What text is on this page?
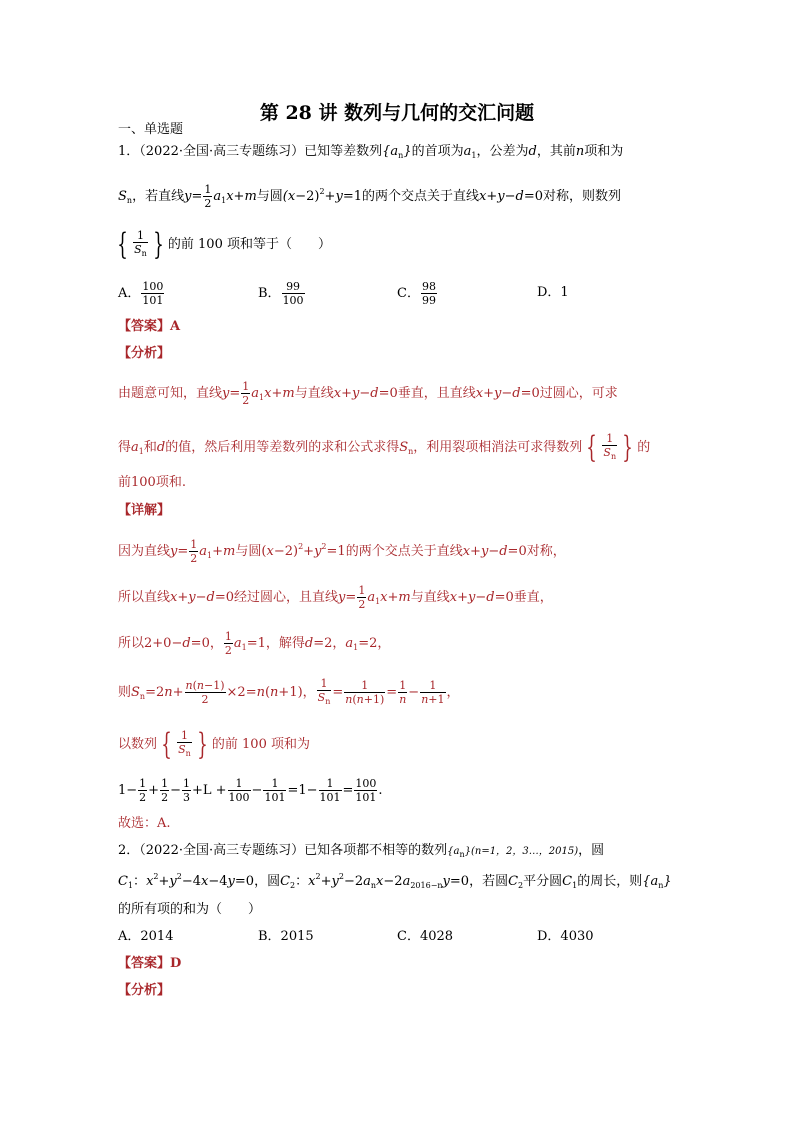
第 28 讲 数列与几何的交汇问题
一、单选题
1．（2022·全国·高三专题练习）已知等差数列$\{a_n\}$的首项为$a_1$，公差为d，其前n项和为
$S_n$，若直线$y= \frac{1}{2} a_1x+m$与圆$(x-2)^2+y=1$的两个交点关于直线x+y−d=0对称，则数列
{ $\frac{1}{S_n}$ } 的前 100 项和等于（　　）
A． $\frac{100}{101}$	B． $\frac{99}{100}$	C． $\frac{98}{99}$	D．1
【答案】A
【分析】
由题意可知，直线$y= \frac{1}{2} a_1x+m$与直线x+y−d=0垂直，且直线x+y−d=0过圆心，可求
得$a_1$和d的值，然后利用等差数列的求和公式求得$S_n$，利用裂项相消法可求得数列 { $\frac{1}{S_n}$ } 的
前100项和.
【详解】
因为直线$y= \frac{1}{2} a_1+m$与圆$(x-2)^2+y^2=1$的两个交点关于直线x+y−d=0对称，
所以直线x+y−d=0经过圆心，且直线$y= \frac{1}{2} a_1x+m$与直线x+y−d=0垂直，
所以2+0−d=0， $\frac{1}{2} a_1=1$，解得d=2，$a_1=2$，
则$S_n=2n+ \frac{n(n-1)}{2} \times 2=n(n+1)$， $\frac{1}{S_n} = \frac{1}{n(n+1)} = \frac{1}{n} - \frac{1}{n+1}$ ，
以数列 { $\frac{1}{S_n}$ } 的前 100 项和为
$1- \frac{1}{2} + \frac{1}{2} - \frac{1}{3} +L + \frac{1}{100} - \frac{1}{101} =1- \frac{1}{101} = \frac{100}{101}$ .
故选：A.
2．（2022·全国·高三专题练习）已知各项都不相等的数列$\{a_n\}(n=1$，2，3…，2015)，圆
$C_1$：$x^2+y^2-4x-4y=0$，圆$C_2$：$x^2+y^2-2a_nx-2a_{2016-n}y=0$，若圆$C_2$平分圆$C_1$的周长，则$\{a_n\}$
的所有项的和为（　　）
A．2014	B．2015	C．4028	D．4030
【答案】D
【分析】
